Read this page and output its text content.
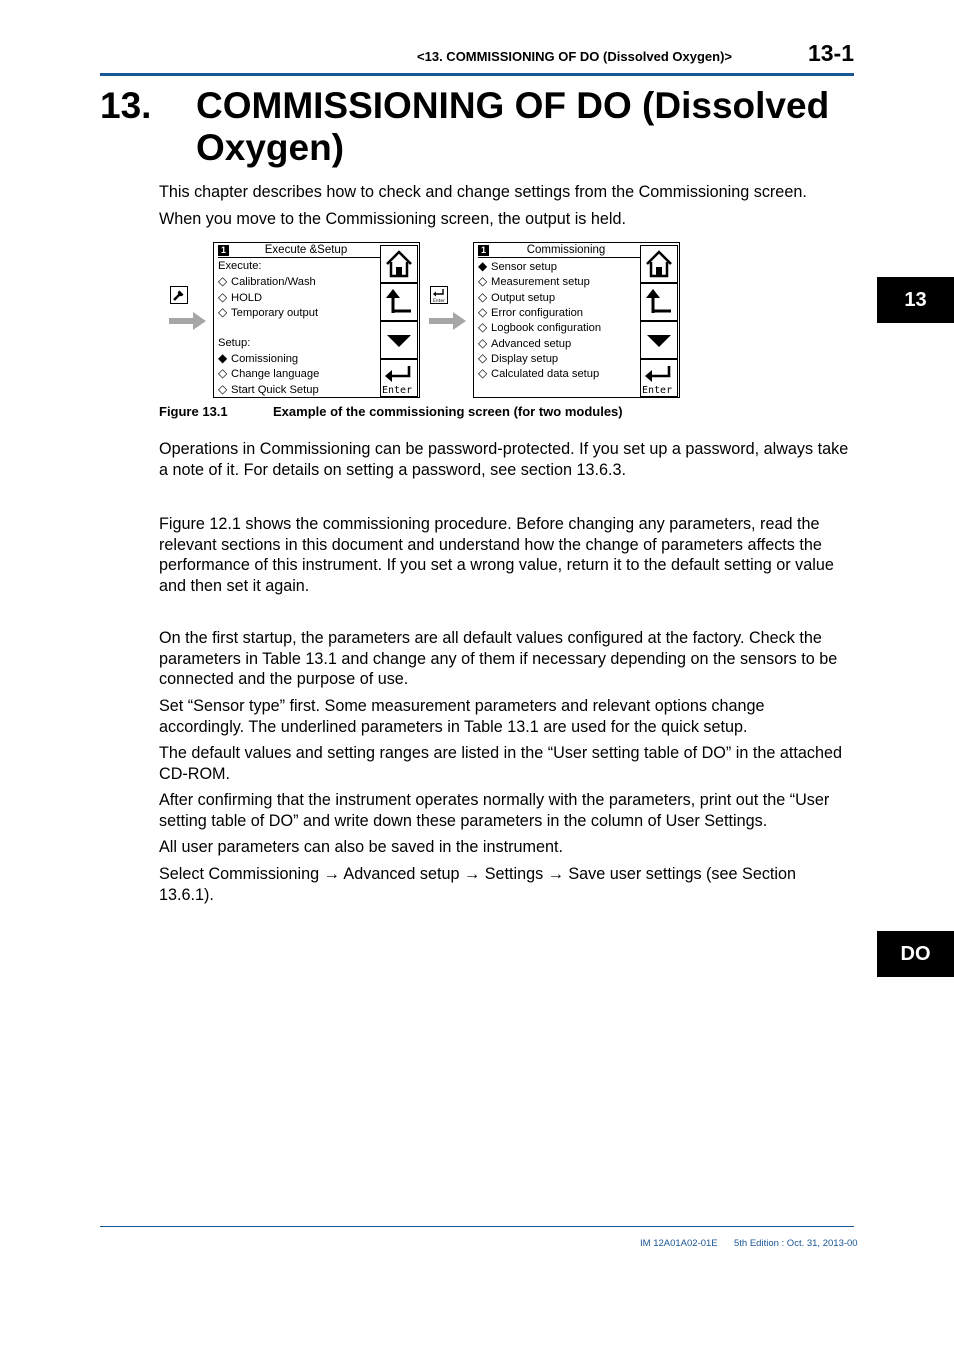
<13. COMMISSIONING OF DO (Dissolved Oxygen)>	13-1
13. COMMISSIONING OF DO (Dissolved Oxygen)

This chapter describes how to check and change settings from the Commissioning screen.

When you move to the Commissioning screen, the output is held.

1	Execute &Setup
Execute:
◇ Calibration/Wash
◇ HOLD
◇ Temporary output
Setup:
◆ Comissioning
◇ Change language
◇ Start Quick Setup	Enter
Enter
1	Commissioning
◆ Sensor setup
◇ Measurement setup
◇ Output setup
◇ Error configuration
◇ Logbook configuration
◇ Advanced setup
◇ Display setup
◇ Calculated data setup
Enter
Figure 13.1	Example of the commissioning screen (for two modules)

Operations in Commissioning can be password-protected. If you set up a password, always take a note of it. For details on setting a password, see section 13.6.3.

Figure 12.1 shows the commissioning procedure. Before changing any parameters, read the relevant sections in this document and understand how the change of parameters affects the performance of this instrument. If you set a wrong value, return it to the default setting or value and then set it again.

On the first startup, the parameters are all default values configured at the factory. Check the parameters in Table 13.1 and change any of them if necessary depending on the sensors to be connected and the purpose of use.

Set “Sensor type” first. Some measurement parameters and relevant options change accordingly. The underlined parameters in Table 13.1 are used for the quick setup.

The default values and setting ranges are listed in the “User setting table of DO” in the attached CD-ROM.

After confirming that the instrument operates normally with the parameters, print out the “User setting table of DO” and write down these parameters in the column of User Settings.

All user parameters can also be saved in the instrument.

Select Commissioning → Advanced setup → Settings → Save user settings (see Section 13.6.1).

13
DO
IM 12A01A02-01E 5th Edition : Oct. 31, 2013-00
